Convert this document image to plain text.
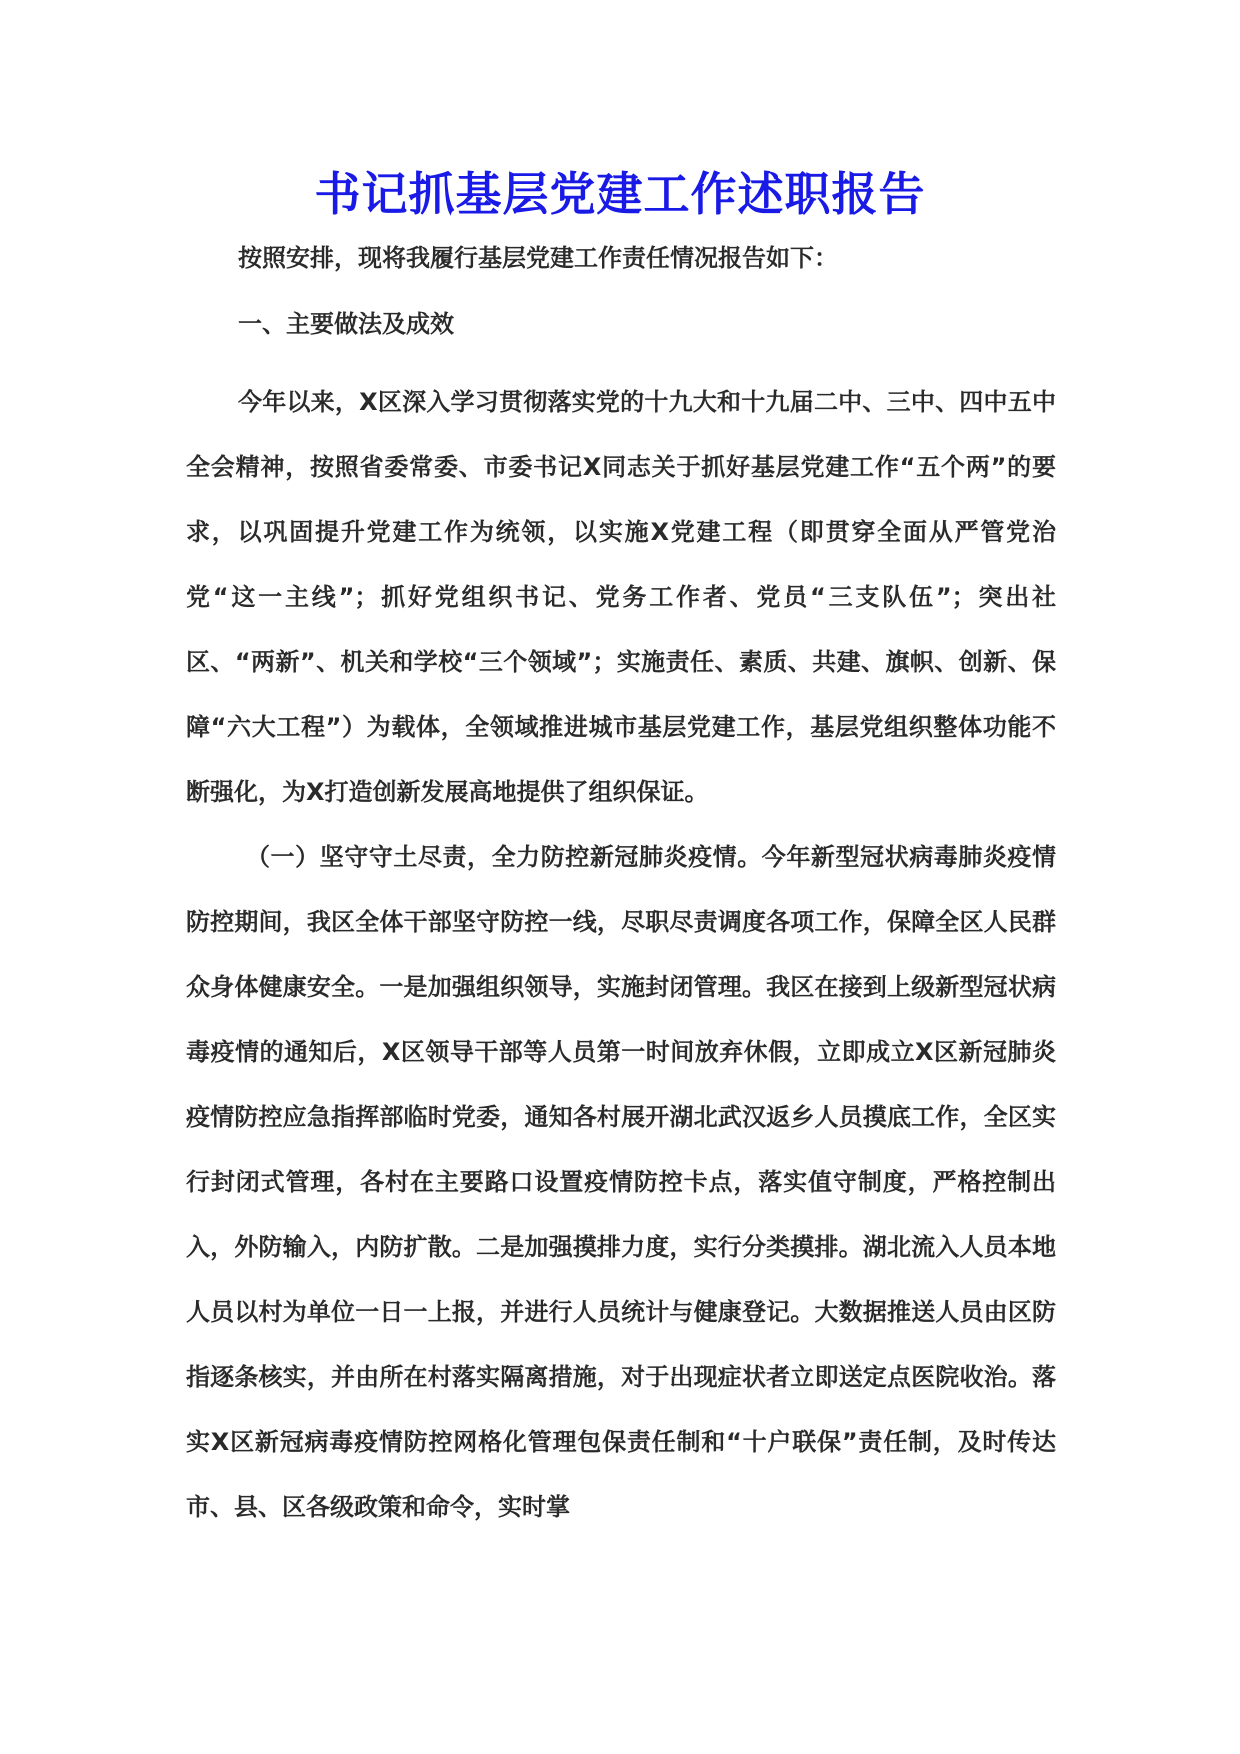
书记抓基层党建工作述职报告

按照安排，现将我履行基层党建工作责任情况报告如下：

一、主要做法及成效

今年以来，X区深入学习贯彻落实党的十九大和十九届二中、三中、四中五中全会精神，按照省委常委、市委书记X同志关于抓好基层党建工作“五个两”的要求，以巩固提升党建工作为统领，以实施X党建工程（即贯穿全面从严管党治党“这一主线”；抓好党组织书记、党务工作者、党员“三支队伍”；突出社区、“两新”、机关和学校“三个领域”；实施责任、素质、共建、旗帜、创新、保障“六大工程”）为载体，全领域推进城市基层党建工作，基层党组织整体功能不断强化，为X打造创新发展高地提供了组织保证。

（一）坚守守土尽责，全力防控新冠肺炎疫情。今年新型冠状病毒肺炎疫情防控期间，我区全体干部坚守防控一线，尽职尽责调度各项工作，保障全区人民群众身体健康安全。一是加强组织领导，实施封闭管理。我区在接到上级新型冠状病毒疫情的通知后，X区领导干部等人员第一时间放弃休假，立即成立X区新冠肺炎疫情防控应急指挥部临时党委，通知各村展开湖北武汉返乡人员摸底工作，全区实行封闭式管理，各村在主要路口设置疫情防控卡点，落实值守制度，严格控制出入，外防输入，内防扩散。二是加强摸排力度，实行分类摸排。湖北流入人员本地人员以村为单位一日一上报，并进行人员统计与健康登记。大数据推送人员由区防指逐条核实，并由所在村落实隔离措施，对于出现症状者立即送定点医院收治。落实X区新冠病毒疫情防控网格化管理包保责任制和“十户联保”责任制，及时传达市、县、区各级政策和命令，实时掌
